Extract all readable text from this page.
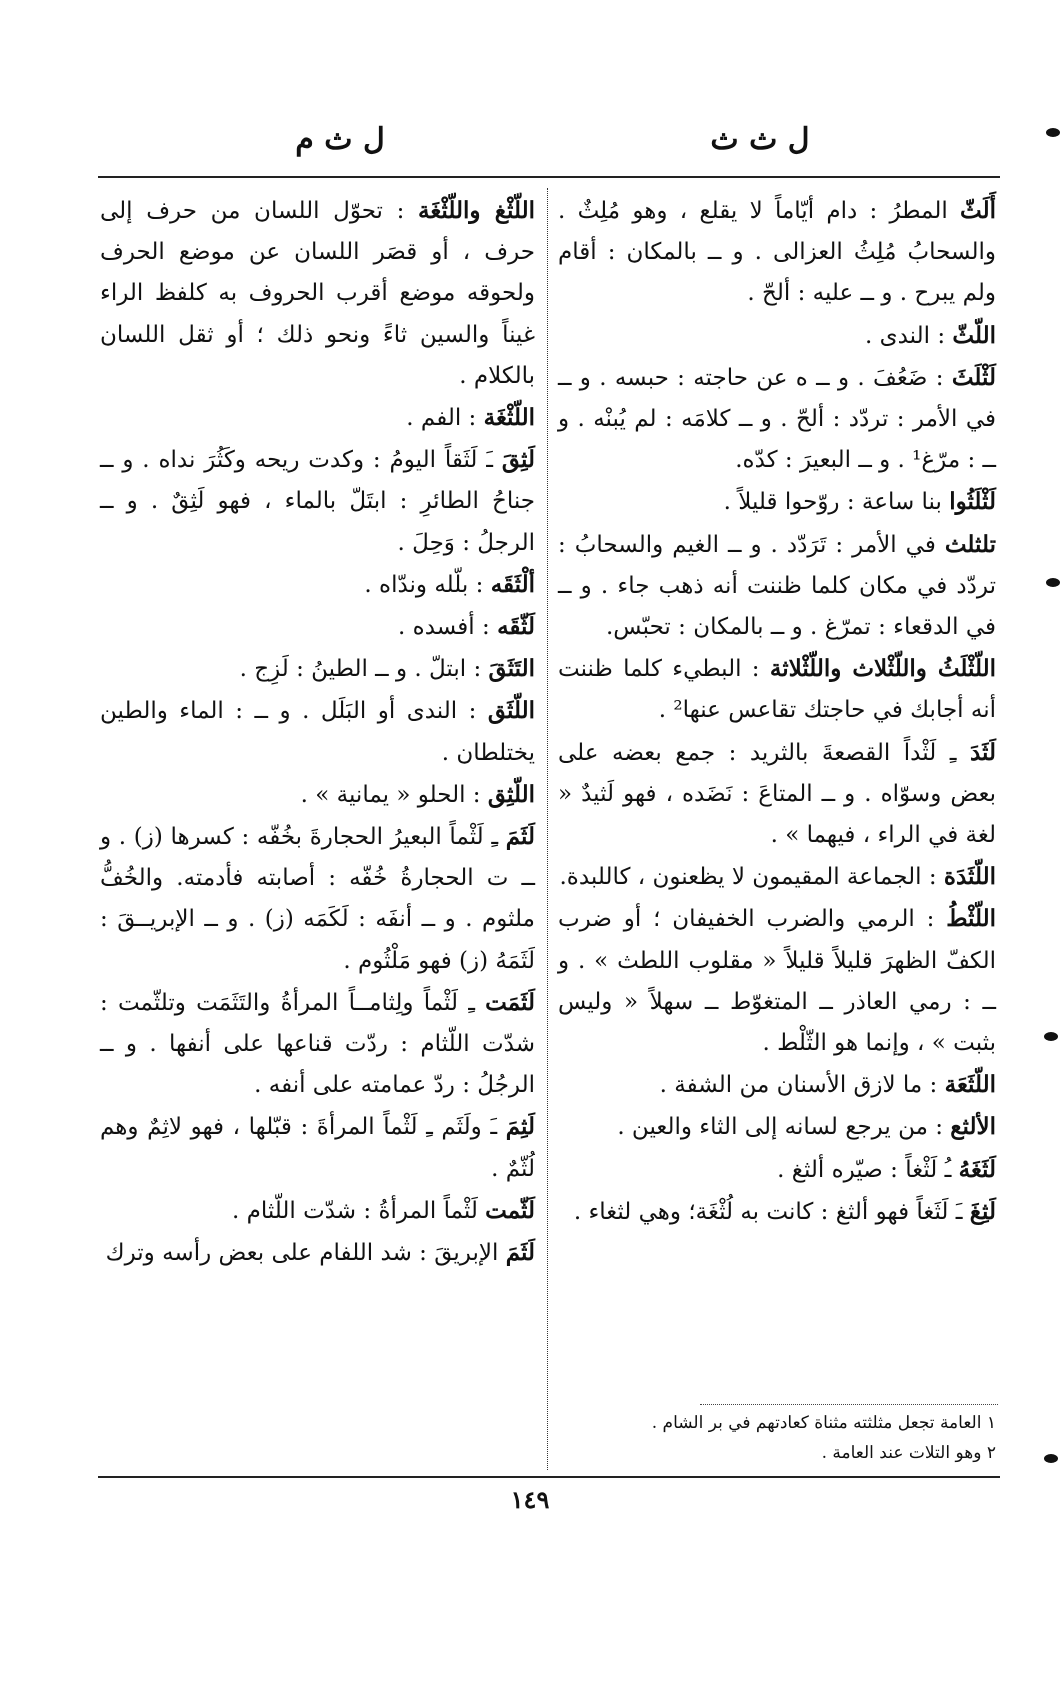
ل ث ث
ل ث م

أَلَثّ المطرُ : دام أيّاماً لا يقلع ، وهو مُلِثٌ . والسحابُ مُلِثُ العزالى . و ــ بالمكان : أقام ولم يبرح . و ــ عليه : ألحّ .

اللّثّ : الندى .

لَثْلَثَ : ضَعُفَ . و ــ ه عن حاجته : حبسه . و ــ في الأمر : تردّد : ألحّ . و ــ كلامَه : لم يُبنْه . و ــ : مرّغ¹ . و ــ البعيرَ : كدّه.

لَثْلَثُوا بنا ساعة : روّحوا قليلاً .

تلثلث في الأمر : تَرَدّد . و ــ الغيم والسحابُ : تردّد في مكان كلما ظننت أنه ذهب جاء . و ــ في الدقعاء : تمرّغ . و ــ بالمكان : تحبّس.

اللّثْلَثُ واللّثْلاث واللّثْلاثة : البطيء كلما ظننت أنه أجابك في حاجتك تقاعس عنها² .

لَثَدَ ـِ لَثْداً القصعةَ بالثريد : جمع بعضه على بعض وسوّاه . و ــ المتاعَ : نَضَده ، فهو لَثيدٌ « لغة في الراء ، فيهما » .

اللّثَدَة : الجماعة المقيمون لا يظعنون ، كاللبدة.

اللّثْطُ : الرمي والضرب الخفيفان ؛ أو ضرب الكفّ الظهرَ قليلاً قليلاً « مقلوب اللطث » . و ــ : رمي العاذر ــ المتغوّط ــ سهلاً « وليس بثبت » ، وإنما هو الثّلْط .

اللّثَعَة : ما لازق الأسنان من الشفة .

الألثع : من يرجع لسانه إلى الثاء والعين .

لَثَغَهُ ـُ لَثْغاً : صيّره ألثغ .

لَثِغَ ـَ لَثَغاً فهو ألثغ : كانت به لُثْغَة؛ وهي لثغاء .

اللّثْغ واللّثْغَة : تحوّل اللسان من حرف إلى حرف ، أو قصَر اللسان عن موضع الحرف ولحوقه موضع أقرب الحروف به كلفظ الراء غيناً والسين ثاءً ونحو ذلك ؛ أو ثقل اللسان بالكلام .

اللّثْغَة : الفم .

لَثِقَ ـَ لَثَقاً اليومُ : وكدت ريحه وكَثُرَ نداه . و ــ جناحُ الطائرِ : ابتَلّ بالماء ، فهو لَثِقٌ . و ــ الرجلُ : وَحِلَ .

ألْثَقَه : بلّله وندّاه .

لَثّقَه : أفسده .

التَثَقَ : ابتلّ . و ــ الطينُ : لَزِج .

اللّثَق : الندى أو البَلَل . و ــ : الماء والطين يختلطان .

اللّثِق : الحلو « يمانية » .

لَثَمَ ـِ لَثْماً البعيرُ الحجارةَ بخُفّه : كسرها (ز) . و ــ ت الحجارةُ خُفّه : أصابته فأدمته. والخُفُّ ملثوم . و ــ أنفَه : لَكَمَه (ز) . و ــ الإبريــقَ : لَثَمَهُ (ز) فهو مَلْثُوم .

لَثَمَت ـِ لَثْماً ولِثامــاً المرأةُ والتَثَمَت وتلثّمت : شدّت اللّثام : ردّت قناعها على أنفها . و ــ الرجُلُ : ردّ عمامته على أنفه .

لَثِمَ ـَ ولَثَم ـِ لَثْماً المرأةَ : قبّلها ، فهو لاثِمٌ وهم لُثّمٌ .

لَثّمت لَثْماً المرأةُ : شدّت اللّثام .

لَثَمَ الإبريقَ : شد اللفام على بعض رأسه وترك

١ العامة تجعل مثلثته مثناة كعادتهم في بر الشام .
٢ وهو التلات عند العامة .
١٤٩
